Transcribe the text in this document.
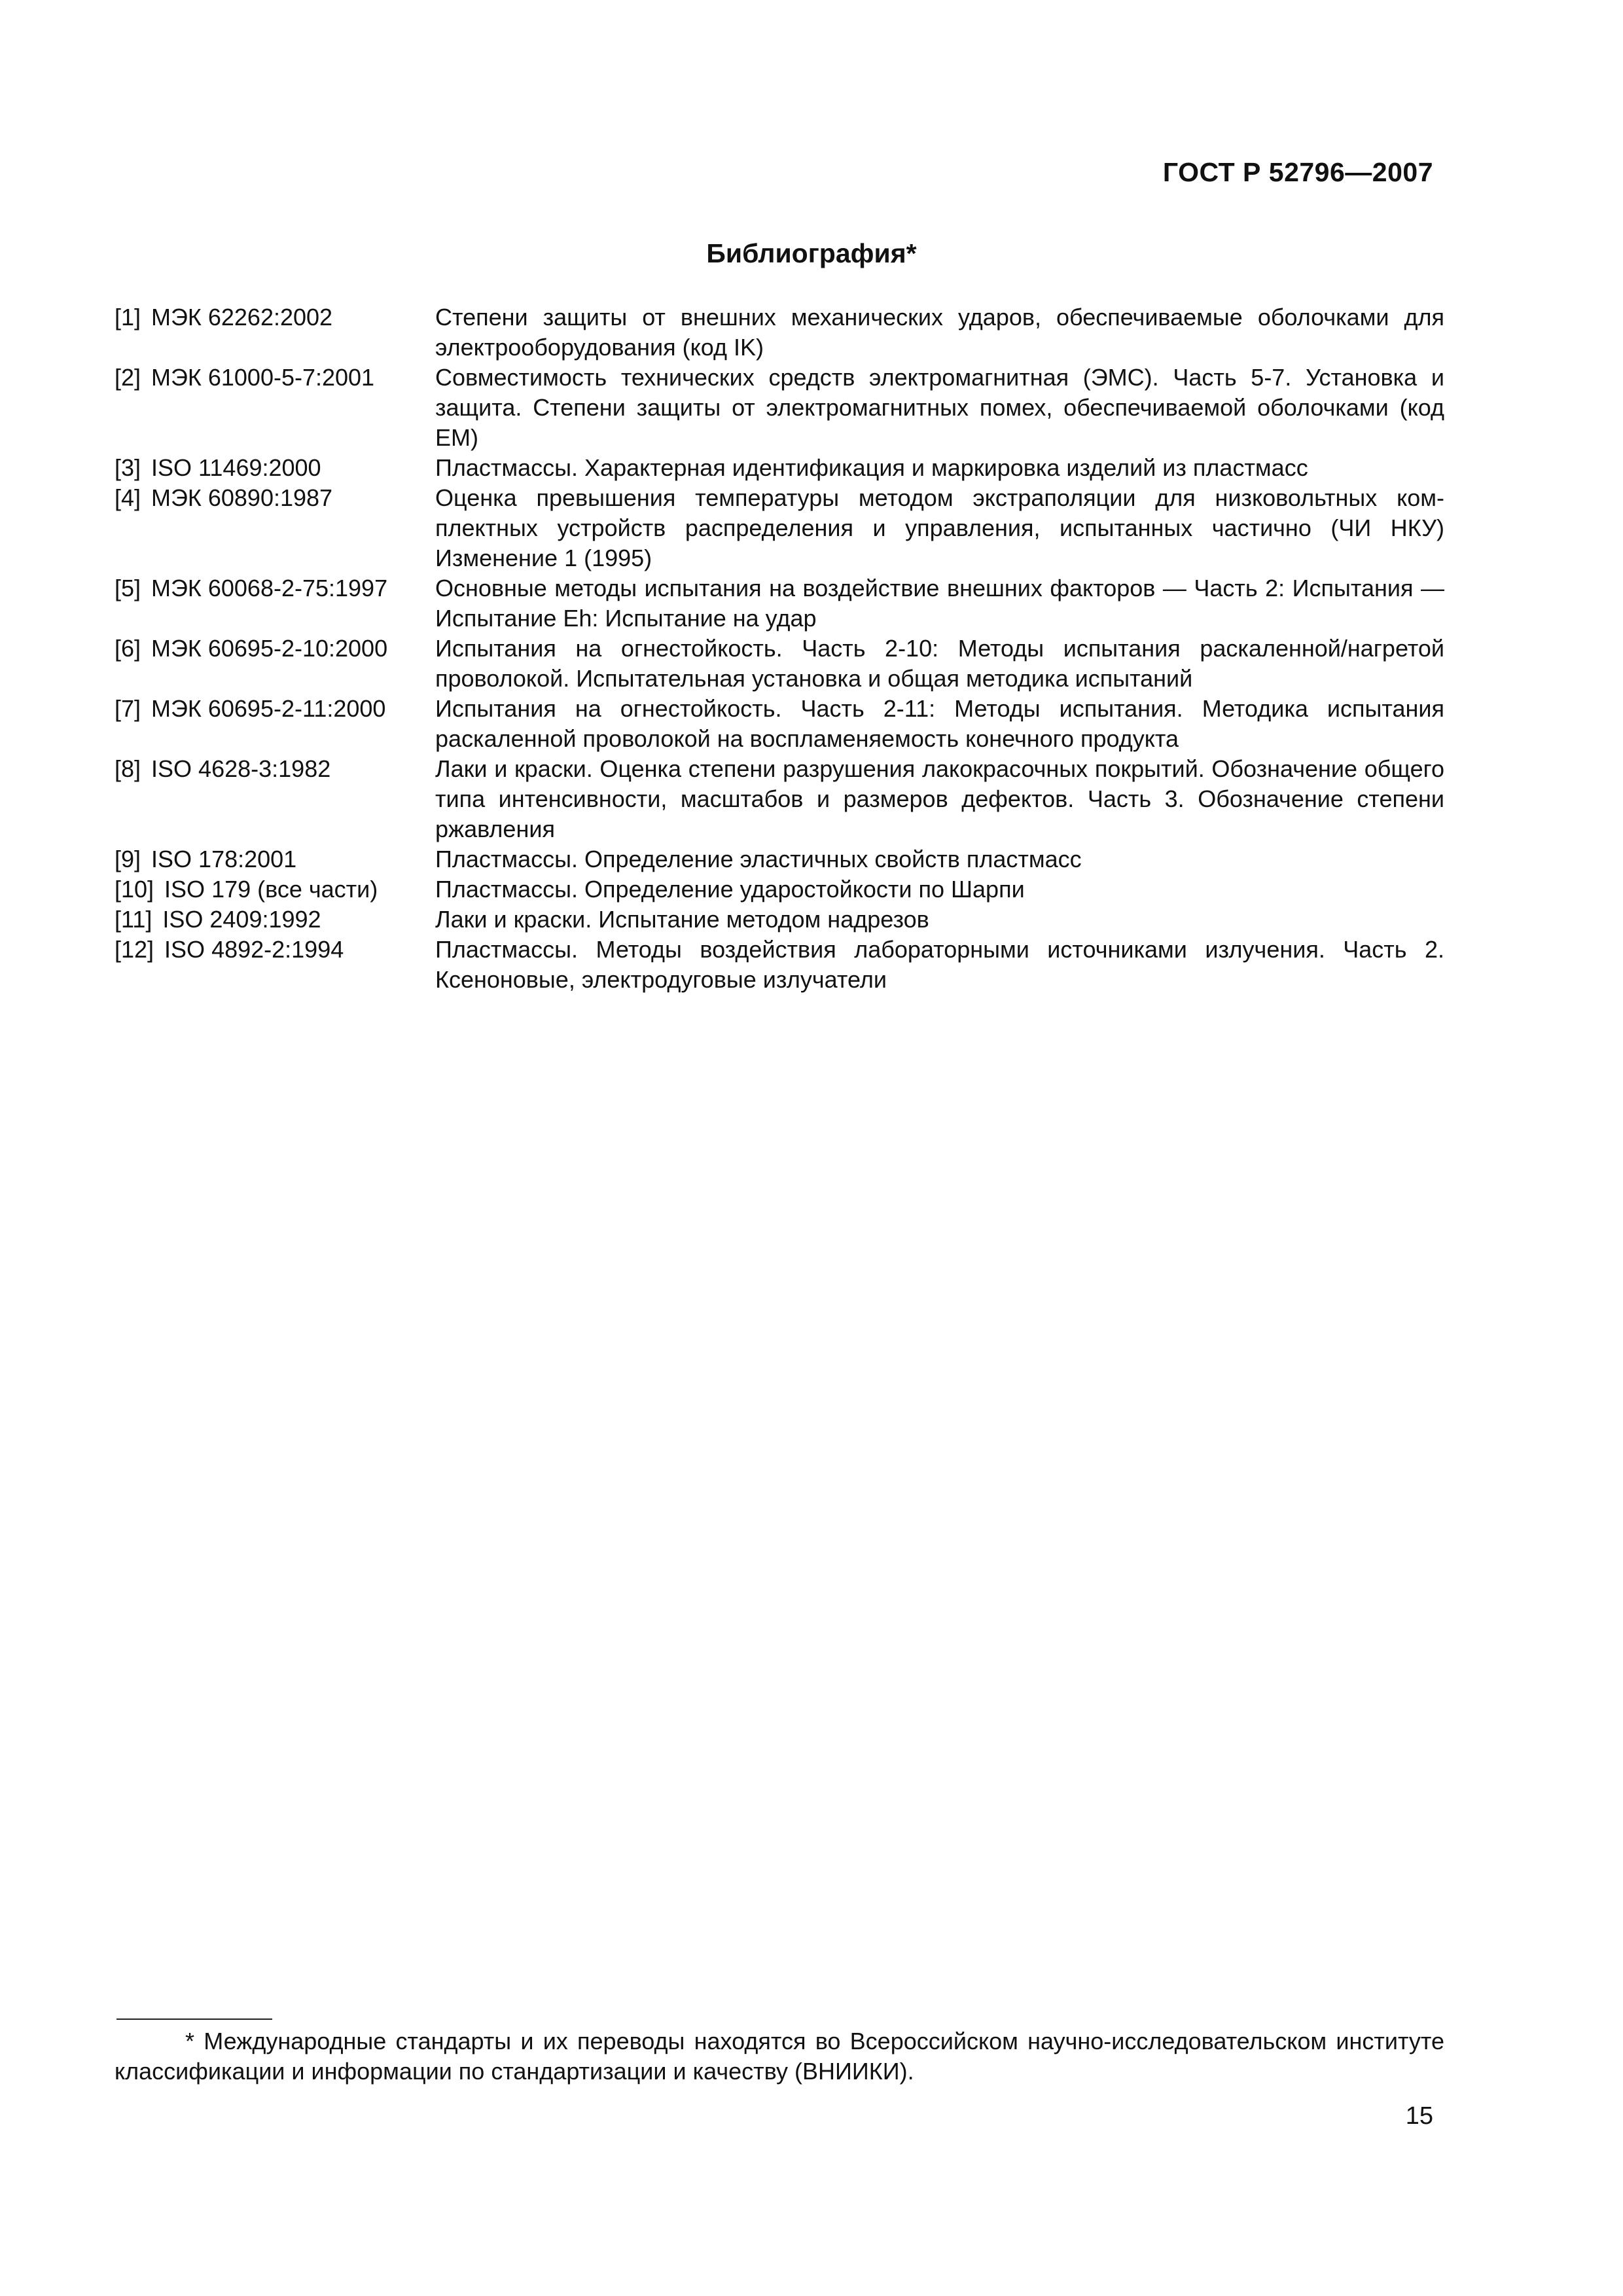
ГОСТ Р 52796—2007
Библиография*
[1] МЭК 62262:2002	Степени защиты от внешних механических ударов, обеспечиваемые оболочками для электрооборудования (код IK)
[2] МЭК 61000-5-7:2001	Совместимость технических средств электромагнитная (ЭМС). Часть 5-7. Установка и защита. Степени защиты от электромагнитных помех, обеспечиваемой оболочками (код EM)
[3] ISO 11469:2000	Пластмассы. Характерная идентификация и маркировка изделий из пластмасс
[4] МЭК 60890:1987	Оценка превышения температуры методом экстраполяции для низковольтных комплектных устройств распределения и управления, испытанных частично (ЧИ НКУ) Изменение 1 (1995)
[5] МЭК 60068-2-75:1997	Основные методы испытания на воздействие внешних факторов — Часть 2: Испытания — Испытание Eh: Испытание на удар
[6] МЭК 60695-2-10:2000	Испытания на огнестойкость. Часть 2-10: Методы испытания раскаленной/нагретой проволокой. Испытательная установка и общая методика испытаний
[7] МЭК 60695-2-11:2000	Испытания на огнестойкость. Часть 2-11: Методы испытания. Методика испытания раскаленной проволокой на воспламеняемость конечного продукта
[8] ISO 4628-3:1982	Лаки и краски. Оценка степени разрушения лакокрасочных покрытий. Обозначение общего типа интенсивности, масштабов и размеров дефектов. Часть 3. Обозначение степени ржавления
[9] ISO 178:2001	Пластмассы. Определение эластичных свойств пластмасс
[10] ISO 179 (все части)	Пластмассы. Определение ударостойкости по Шарпи
[11] ISO 2409:1992	Лаки и краски. Испытание методом надрезов
[12] ISO 4892-2:1994	Пластмассы. Методы воздействия лабораторными источниками излучения. Часть 2. Ксеноновые, электродуговые излучатели
* Международные стандарты и их переводы находятся во Всероссийском научно-исследовательском институте классификации и информации по стандартизации и качеству (ВНИИКИ).
15
